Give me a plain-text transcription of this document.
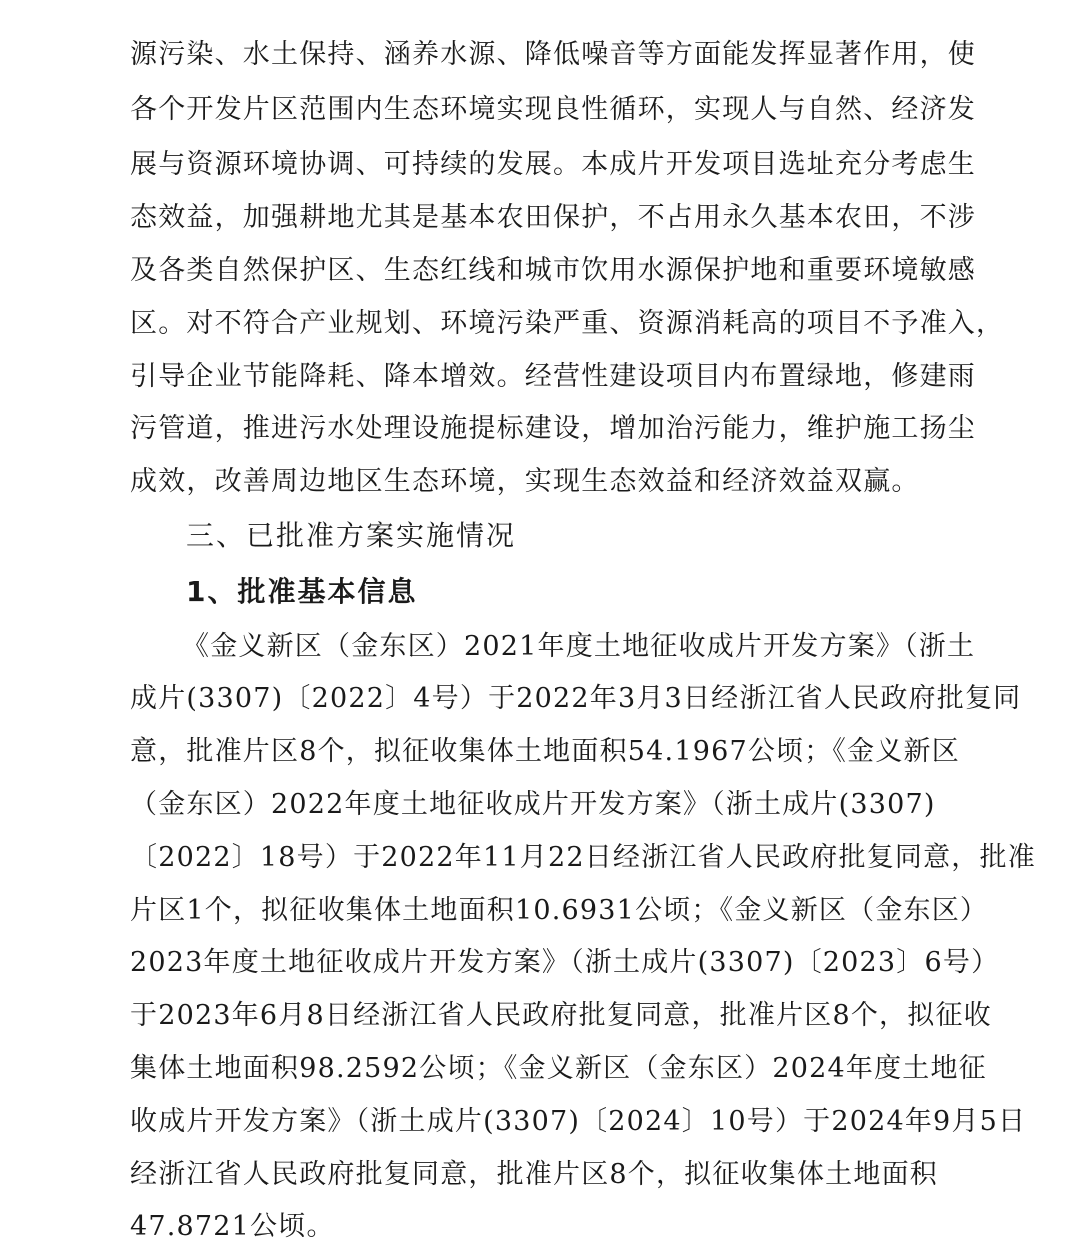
源污染、水土保持、涵养水源、降低噪音等方面能发挥显著作用，使
各个开发片区范围内生态环境实现良性循环，实现人与自然、经济发
展与资源环境协调、可持续的发展。本成片开发项目选址充分考虑生
态效益，加强耕地尤其是基本农田保护，不占用永久基本农田，不涉
及各类自然保护区、生态红线和城市饮用水源保护地和重要环境敏感
区。对不符合产业规划、环境污染严重、资源消耗高的项目不予准入，
引导企业节能降耗、降本增效。经营性建设项目内布置绿地，修建雨
污管道，推进污水处理设施提标建设，增加治污能力，维护施工扬尘
成效，改善周边地区生态环境，实现生态效益和经济效益双赢。
三、已批准方案实施情况
1、批准基本信息
《金义新区（金东区）2021年度土地征收成片开发方案》（浙土
成片(3307)〔2022〕4号）于2022年3月3日经浙江省人民政府批复同
意，批准片区8个，拟征收集体土地面积54.1967公顷；《金义新区
（金东区）2022年度土地征收成片开发方案》（浙土成片(3307)
〔2022〕18号）于2022年11月22日经浙江省人民政府批复同意，批准
片区1个，拟征收集体土地面积10.6931公顷；《金义新区（金东区）
2023年度土地征收成片开发方案》（浙土成片(3307)〔2023〕6号）
于2023年6月8日经浙江省人民政府批复同意，批准片区8个，拟征收
集体土地面积98.2592公顷；《金义新区（金东区）2024年度土地征
收成片开发方案》（浙土成片(3307)〔2024〕10号）于2024年9月5日
经浙江省人民政府批复同意，批准片区8个，拟征收集体土地面积
47.8721公顷。
